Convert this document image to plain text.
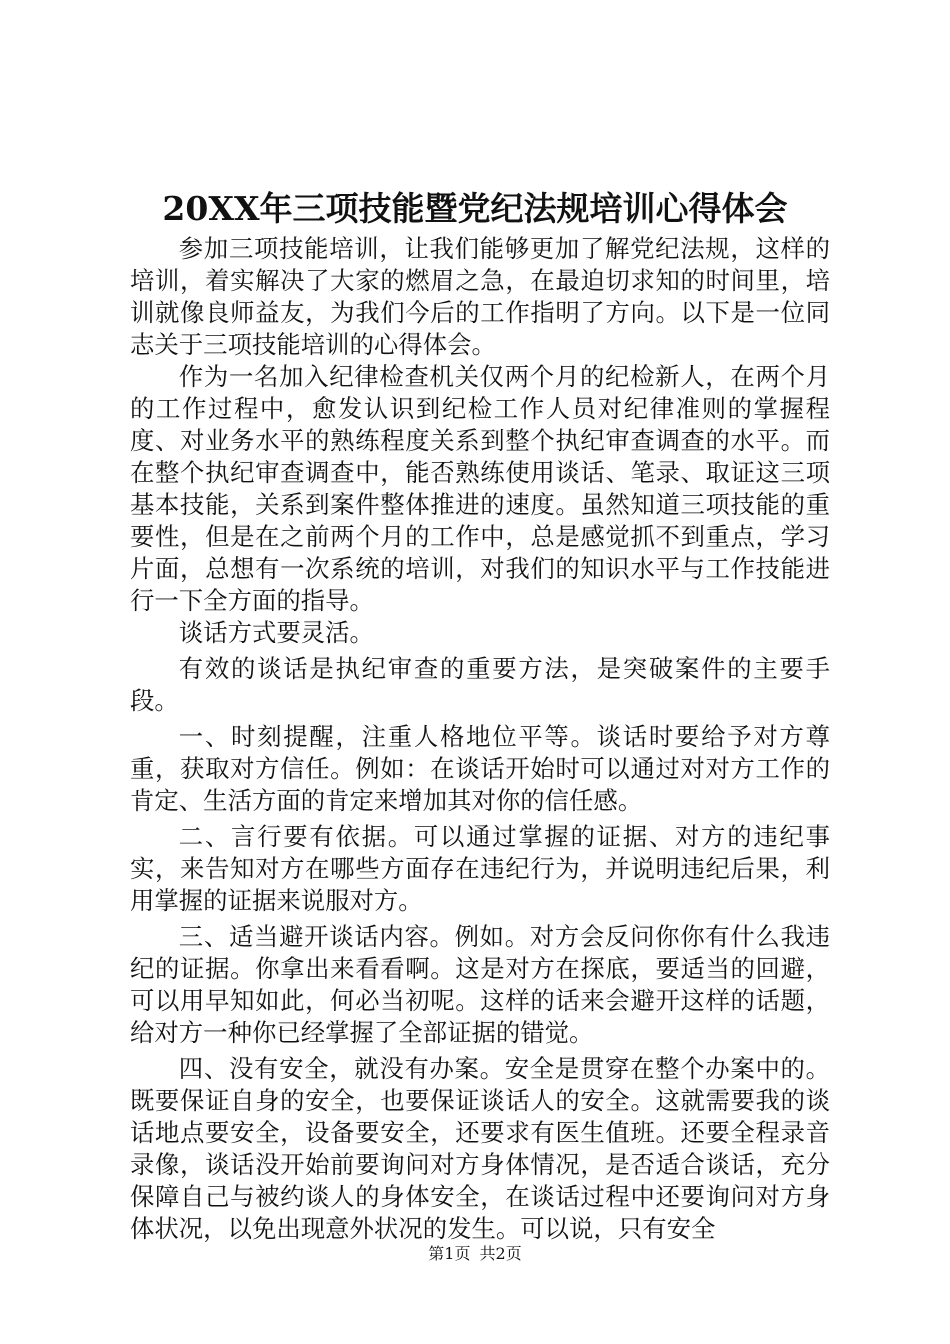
20XX年三项技能暨党纪法规培训心得体会

参加三项技能培训，让我们能够更加了解党纪法规，这样的培训，着实解决了大家的燃眉之急，在最迫切求知的时间里，培训就像良师益友，为我们今后的工作指明了方向。以下是一位同志关于三项技能培训的心得体会。

作为一名加入纪律检查机关仅两个月的纪检新人，在两个月的工作过程中，愈发认识到纪检工作人员对纪律准则的掌握程度、对业务水平的熟练程度关系到整个执纪审查调查的水平。而在整个执纪审查调查中，能否熟练使用谈话、笔录、取证这三项基本技能，关系到案件整体推进的速度。虽然知道三项技能的重要性，但是在之前两个月的工作中，总是感觉抓不到重点，学习片面，总想有一次系统的培训，对我们的知识水平与工作技能进行一下全方面的指导。

谈话方式要灵活。

有效的谈话是执纪审查的重要方法，是突破案件的主要手段。

一、时刻提醒，注重人格地位平等。谈话时要给予对方尊重，获取对方信任。例如：在谈话开始时可以通过对对方工作的肯定、生活方面的肯定来增加其对你的信任感。

二、言行要有依据。可以通过掌握的证据、对方的违纪事实，来告知对方在哪些方面存在违纪行为，并说明违纪后果，利用掌握的证据来说服对方。

三、适当避开谈话内容。例如。对方会反问你你有什么我违纪的证据。你拿出来看看啊。这是对方在探底，要适当的回避，可以用早知如此，何必当初呢。这样的话来会避开这样的话题，给对方一种你已经掌握了全部证据的错觉。

四、没有安全，就没有办案。安全是贯穿在整个办案中的。既要保证自身的安全，也要保证谈话人的安全。这就需要我的谈话地点要安全，设备要安全，还要求有医生值班。还要全程录音录像，谈话没开始前要询问对方身体情况，是否适合谈话，充分保障自己与被约谈人的身体安全，在谈话过程中还要询问对方身体状况，以免出现意外状况的发生。可以说，只有安全

第1页 共2页
